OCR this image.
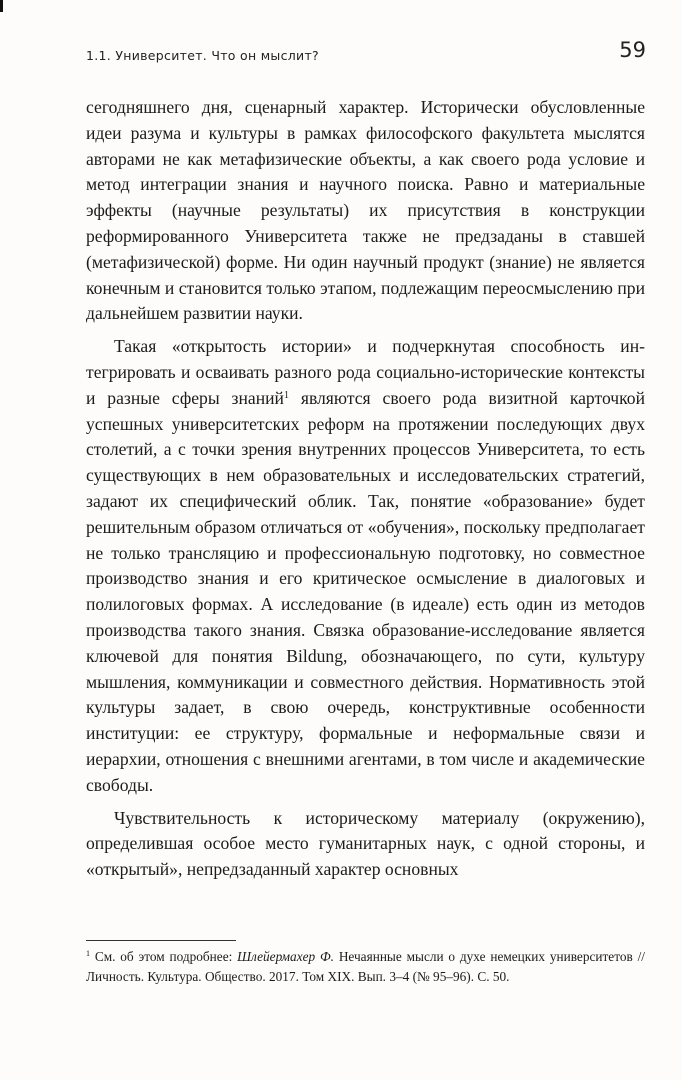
1.1. Университет. Что он мыслит?	59

сегодняшнего дня, сценарный характер. Исторически обусловленные идеи разума и культуры в рамках философского факультета мыслятся авторами не как метафизические объекты, а как своего рода условие и метод интеграции знания и научного поиска. Равно и материальные эффекты (научные результаты) их присутствия в конструкции реформированного Университета также не предзаданы в ставшей (метафизической) форме. Ни один научный продукт (знание) не является конечным и становится только этапом, подлежащим переосмыслению при дальнейшем развитии науки.

Такая «открытость истории» и подчеркнутая способность интегрировать и осваивать разного рода социально-исторические контексты и разные сферы знаний$^1$ являются своего рода визитной карточкой успешных университетских реформ на протяжении последующих двух столетий, а с точки зрения внутренних процессов Университета, то есть существующих в нем образовательных и исследовательских стратегий, задают их специфический облик. Так, понятие «образование» будет решительным образом отличаться от «обучения», поскольку предполагает не только трансляцию и профессиональную подготовку, но совместное производство знания и его критическое осмысление в диалоговых и полилоговых формах. А исследование (в идеале) есть один из методов производства такого знания. Связка образование-исследование является ключевой для понятия Bildung, обозначающего, по сути, культуру мышления, коммуникации и совместного действия. Нормативность этой культуры задает, в свою очередь, конструктивные особенности институции: ее структуру, формальные и неформальные связи и иерархии, отношения с внешними агентами, в том числе и академические свободы.

Чувствительность к историческому материалу (окружению), определившая особое место гуманитарных наук, с одной стороны, и «открытый», непредзаданный характер основных

$^1$ См. об этом подробнее: Шлейермахер Ф. Нечаянные мысли о духе немецких университетов // Личность. Культура. Общество. 2017. Том XIX. Вып. 3–4 (№ 95–96). С. 50.
